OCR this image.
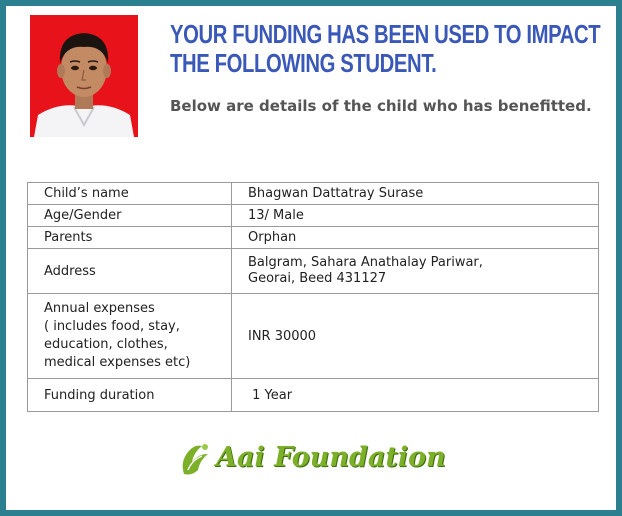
YOUR FUNDING HAS BEEN USED TO IMPACT THE FOLLOWING STUDENT.
Below are details of the child who has benefitted.
Child’s name	Bhagwan Dattatray Surase
Age/Gender	13/ Male
Parents	Orphan
Address	Balgram, Sahara Anathalay Pariwar,
Georai, Beed 431127
Annual expenses
( includes food, stay,
education, clothes,
medical expenses etc)	INR 30000
Funding duration	1 Year
Aai Foundation
